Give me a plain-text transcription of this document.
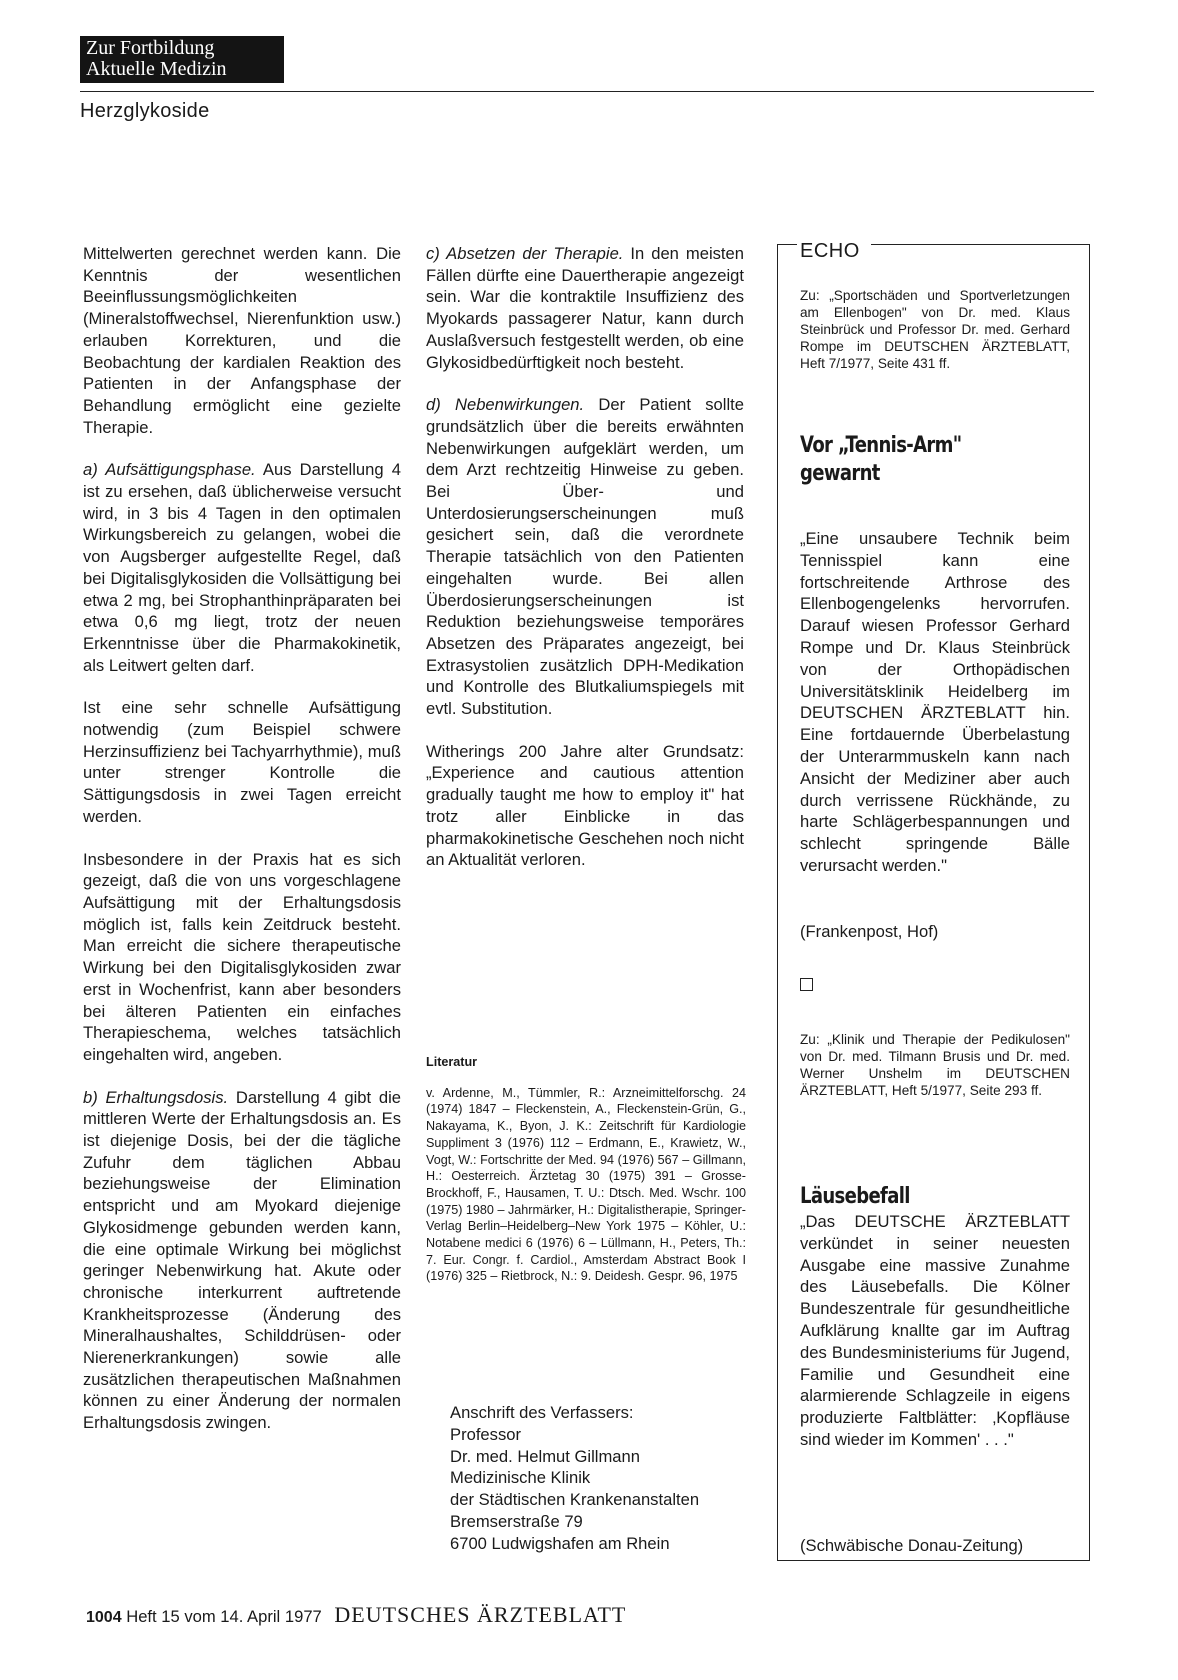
Zur Fortbildung
Aktuelle Medizin
Herzglykoside

Mittelwerten gerechnet werden kann. Die Kenntnis der wesentlichen Beeinflussungsmöglichkeiten (Mineralstoffwechsel, Nierenfunktion usw.) erlauben Korrekturen, und die Beobachtung der kardialen Reaktion des Patienten in der Anfangsphase der Behandlung ermöglicht eine gezielte Therapie.

a) Aufsättigungsphase. Aus Darstellung 4 ist zu ersehen, daß üblicherweise versucht wird, in 3 bis 4 Tagen in den optimalen Wirkungsbereich zu gelangen, wobei die von Augsberger aufgestellte Regel, daß bei Digitalisglykosiden die Vollsättigung bei etwa 2 mg, bei Strophanthinpräparaten bei etwa 0,6 mg liegt, trotz der neuen Erkenntnisse über die Pharmakokinetik, als Leitwert gelten darf.

Ist eine sehr schnelle Aufsättigung notwendig (zum Beispiel schwere Herzinsuffizienz bei Tachyarrhythmie), muß unter strenger Kontrolle die Sättigungsdosis in zwei Tagen erreicht werden.

Insbesondere in der Praxis hat es sich gezeigt, daß die von uns vorgeschlagene Aufsättigung mit der Erhaltungsdosis möglich ist, falls kein Zeitdruck besteht. Man erreicht die sichere therapeutische Wirkung bei den Digitalisglykosiden zwar erst in Wochenfrist, kann aber besonders bei älteren Patienten ein einfaches Therapieschema, welches tatsächlich eingehalten wird, angeben.

b) Erhaltungsdosis. Darstellung 4 gibt die mittleren Werte der Erhaltungsdosis an. Es ist diejenige Dosis, bei der die tägliche Zufuhr dem täglichen Abbau beziehungsweise der Elimination entspricht und am Myokard diejenige Glykosidmenge gebunden werden kann, die eine optimale Wirkung bei möglichst geringer Nebenwirkung hat. Akute oder chronische interkurrent auftretende Krankheitsprozesse (Änderung des Mineralhaushaltes, Schilddrüsen- oder Nierenerkrankungen) sowie alle zusätzlichen therapeutischen Maßnahmen können zu einer Änderung der normalen Erhaltungsdosis zwingen.

c) Absetzen der Therapie. In den meisten Fällen dürfte eine Dauertherapie angezeigt sein. War die kontraktile Insuffizienz des Myokards passagerer Natur, kann durch Auslaßversuch festgestellt werden, ob eine Glykosidbedürftigkeit noch besteht.

d) Nebenwirkungen. Der Patient sollte grundsätzlich über die bereits erwähnten Nebenwirkungen aufgeklärt werden, um dem Arzt rechtzeitig Hinweise zu geben. Bei Über- und Unterdosierungserscheinungen muß gesichert sein, daß die verordnete Therapie tatsächlich von den Patienten eingehalten wurde. Bei allen Überdosierungserscheinungen ist Reduktion beziehungsweise temporäres Absetzen des Präparates angezeigt, bei Extrasystolien zusätzlich DPH-Medikation und Kontrolle des Blutkaliumspiegels mit evtl. Substitution.

Witherings 200 Jahre alter Grundsatz: „Experience and cautious attention gradually taught me how to employ it" hat trotz aller Einblicke in das pharmakokinetische Geschehen noch nicht an Aktualität verloren.

Literatur
v. Ardenne, M., Tümmler, R.: Arzneimittelforschg. 24 (1974) 1847 – Fleckenstein, A., Fleckenstein-Grün, G., Nakayama, K., Byon, J. K.: Zeitschrift für Kardiologie Suppliment 3 (1976) 112 – Erdmann, E., Krawietz, W., Vogt, W.: Fortschritte der Med. 94 (1976) 567 – Gillmann, H.: Oesterreich. Ärztetag 30 (1975) 391 – Grosse-Brockhoff, F., Hausamen, T. U.: Dtsch. Med. Wschr. 100 (1975) 1980 – Jahrmärker, H.: Digitalistherapie, Springer-Verlag Berlin–Heidelberg–New York 1975 – Köhler, U.: Notabene medici 6 (1976) 6 – Lüllmann, H., Peters, Th.: 7. Eur. Congr. f. Cardiol., Amsterdam Abstract Book I (1976) 325 – Rietbrock, N.: 9. Deidesh. Gespr. 96, 1975
Anschrift des Verfassers:
Professor
Dr. med. Helmut Gillmann
Medizinische Klinik
der Städtischen Krankenanstalten
Bremserstraße 79
6700 Ludwigshafen am Rhein
ECHO
Zu: „Sportschäden und Sportverletzungen am Ellenbogen" von Dr. med. Klaus Steinbrück und Professor Dr. med. Gerhard Rompe im DEUTSCHEN ÄRZTEBLATT, Heft 7/1977, Seite 431 ff.
Vor „Tennis-Arm"
gewarnt
„Eine unsaubere Technik beim Tennisspiel kann eine fortschreitende Arthrose des Ellenbogengelenks hervorrufen. Darauf wiesen Professor Gerhard Rompe und Dr. Klaus Steinbrück von der Orthopädischen Universitätsklinik Heidelberg im DEUTSCHEN ÄRZTEBLATT hin. Eine fortdauernde Überbelastung der Unterarmmuskeln kann nach Ansicht der Mediziner aber auch durch verrissene Rückhände, zu harte Schlägerbespannungen und schlecht springende Bälle verursacht werden."
(Frankenpost, Hof)
Zu: „Klinik und Therapie der Pedikulosen" von Dr. med. Tilmann Brusis und Dr. med. Werner Unshelm im DEUTSCHEN ÄRZTEBLATT, Heft 5/1977, Seite 293 ff.
Läusebefall
„Das DEUTSCHE ÄRZTEBLATT verkündet in seiner neuesten Ausgabe eine massive Zunahme des Läusebefalls. Die Kölner Bundeszentrale für gesundheitliche Aufklärung knallte gar im Auftrag des Bundesministeriums für Jugend, Familie und Gesundheit eine alarmierende Schlagzeile in eigens produzierte Faltblätter: ‚Kopfläuse sind wieder im Kommen' . . ."
(Schwäbische Donau-Zeitung)
1004 Heft 15 vom 14. April 1977 DEUTSCHES ÄRZTEBLATT
